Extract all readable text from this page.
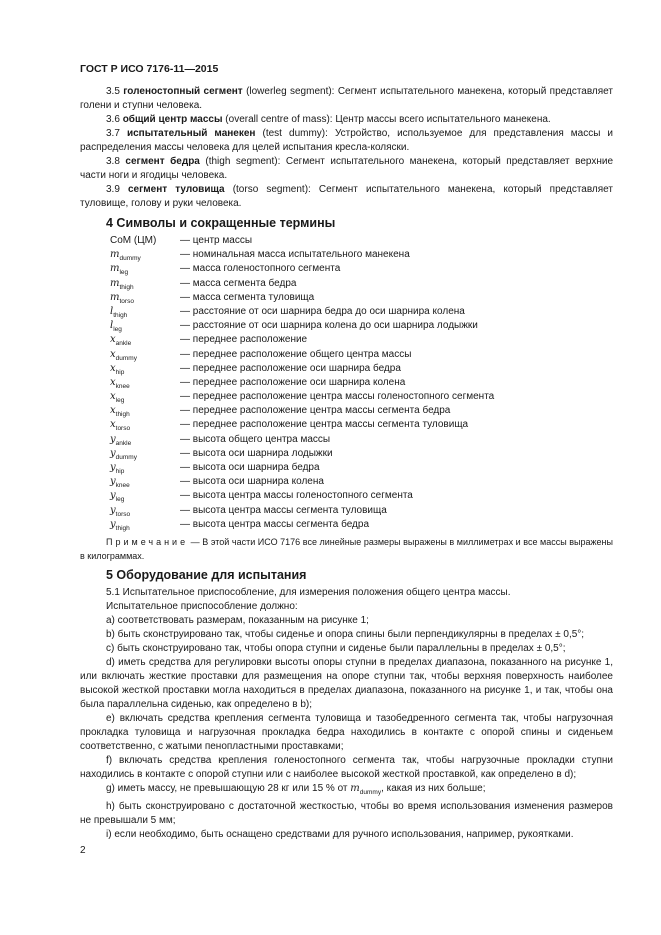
ГОСТ Р ИСО 7176-11—2015

3.5 голеностопный сегмент (lowerleg segment): Сегмент испытательного манекена, который представляет голени и ступни человека.

3.6 общий центр массы (overall centre of mass): Центр массы всего испытательного манекена.

3.7 испытательный манекен (test dummy): Устройство, используемое для представления массы и распределения массы человека для целей испытания кресла-коляски.

3.8 сегмент бедра (thigh segment): Сегмент испытательного манекена, который представляет верхние части ноги и ягодицы человека.

3.9 сегмент туловища (torso segment): Сегмент испытательного манекена, который представляет туловище, голову и руки человека.

4 Символы и сокращенные термины
CoM (ЦМ)	— центр массы
$m_{dummy}$	— номинальная масса испытательного манекена
$m_{leg}$	— масса голеностопного сегмента
$m_{thigh}$	— масса сегмента бедра
$m_{torso}$	— масса сегмента туловища
$l_{thigh}$	— расстояние от оси шарнира бедра до оси шарнира колена
$l_{leg}$	— расстояние от оси шарнира колена до оси шарнира лодыжки
$x_{ankle}$	— переднее расположение
$x_{dummy}$	— переднее расположение общего центра массы
$x_{hip}$	— переднее расположение оси шарнира бедра
$x_{knee}$	— переднее расположение оси шарнира колена
$x_{leg}$	— переднее расположение центра массы голеностопного сегмента
$x_{thigh}$	— переднее расположение центра массы сегмента бедра
$x_{torso}$	— переднее расположение центра массы сегмента туловища
$y_{ankle}$	— высота общего центра массы
$y_{dummy}$	— высота оси шарнира лодыжки
$y_{hip}$	— высота оси шарнира бедра
$y_{knee}$	— высота оси шарнира колена
$y_{leg}$	— высота центра массы голеностопного сегмента
$y_{torso}$	— высота центра массы сегмента туловища
$y_{thigh}$	— высота центра массы сегмента бедра

Примечание — В этой части ИСО 7176 все линейные размеры выражены в миллиметрах и все массы выражены в килограммах.

5 Оборудование для испытания

5.1 Испытательное приспособление, для измерения положения общего центра массы.

Испытательное приспособление должно:

a) соответствовать размерам, показанным на рисунке 1;

b) быть сконструировано так, чтобы сиденье и опора спины были перпендикулярны в пределах ± 0,5°;

c) быть сконструировано так, чтобы опора ступни и сиденье были параллельны в пределах ± 0,5°;

d) иметь средства для регулировки высоты опоры ступни в пределах диапазона, показанного на рисунке 1, или включать жесткие проставки для размещения на опоре ступни так, чтобы верхняя поверхность наиболее высокой жесткой проставки могла находиться в пределах диапазона, показанного на рисунке 1, и так, чтобы она была параллельна сиденью, как определено в b);

e) включать средства крепления сегмента туловища и тазобедренного сегмента так, чтобы нагрузочная прокладка туловища и нагрузочная прокладка бедра находились в контакте с опорой спины и сиденьем соответственно, с жатыми пенопластными проставками;

f) включать средства крепления голеностопного сегмента так, чтобы нагрузочные прокладки ступни находились в контакте с опорой ступни или с наиболее высокой жесткой проставкой, как определено в d);

g) иметь массу, не превышающую 28 кг или 15 % от $m_{dummy}$, какая из них больше;

h) быть сконструировано с достаточной жесткостью, чтобы во время использования изменения размеров не превышали 5 мм;

i) если необходимо, быть оснащено средствами для ручного использования, например, рукоятками.

2
